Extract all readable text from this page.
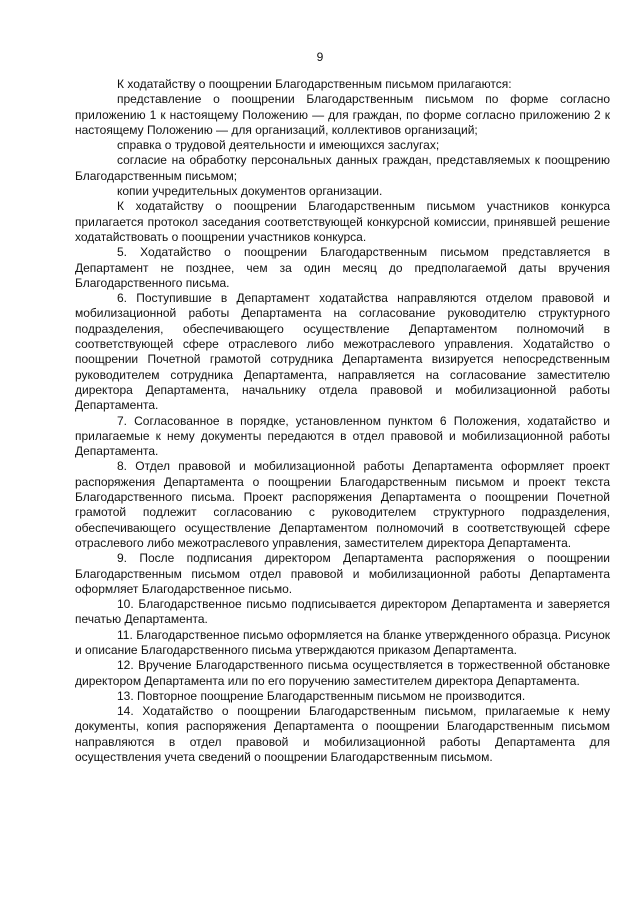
9

К ходатайству о поощрении Благодарственным письмом прилагаются:

представление о поощрении Благодарственным письмом по форме согласно приложению 1 к настоящему Положению — для граждан, по форме согласно приложению 2 к настоящему Положению — для организаций, коллективов организаций;

справка о трудовой деятельности и имеющихся заслугах;

согласие на обработку персональных данных граждан, представляемых к поощрению Благодарственным письмом;

копии учредительных документов организации.

К ходатайству о поощрении Благодарственным письмом участников конкурса прилагается протокол заседания соответствующей конкурсной комиссии, принявшей решение ходатайствовать о поощрении участников конкурса.

5. Ходатайство о поощрении Благодарственным письмом представляется в Департамент не позднее, чем за один месяц до предполагаемой даты вручения Благодарственного письма.

6. Поступившие в Департамент ходатайства направляются отделом правовой и мобилизационной работы Департамента на согласование руководителю структурного подразделения, обеспечивающего осуществление Департаментом полномочий в соответствующей сфере отраслевого либо межотраслевого управления. Ходатайство о поощрении Почетной грамотой сотрудника Департамента визируется непосредственным руководителем сотрудника Департамента, направляется на согласование заместителю директора Департамента, начальнику отдела правовой и мобилизационной работы Департамента.

7. Согласованное в порядке, установленном пунктом 6 Положения, ходатайство и прилагаемые к нему документы передаются в отдел правовой и мобилизационной работы Департамента.

8. Отдел правовой и мобилизационной работы Департамента оформляет проект распоряжения Департамента о поощрении Благодарственным письмом и проект текста Благодарственного письма. Проект распоряжения Департамента о поощрении Почетной грамотой подлежит согласованию с руководителем структурного подразделения, обеспечивающего осуществление Департаментом полномочий в соответствующей сфере отраслевого либо межотраслевого управления, заместителем директора Департамента.

9. После подписания директором Департамента распоряжения о поощрении Благодарственным письмом отдел правовой и мобилизационной работы Департамента оформляет Благодарственное письмо.

10. Благодарственное письмо подписывается директором Департамента и заверяется печатью Департамента.

11. Благодарственное письмо оформляется на бланке утвержденного образца. Рисунок и описание Благодарственного письма утверждаются приказом Департамента.

12. Вручение Благодарственного письма осуществляется в торжественной обстановке директором Департамента или по его поручению заместителем директора Департамента.

13. Повторное поощрение Благодарственным письмом не производится.

14. Ходатайство о поощрении Благодарственным письмом, прилагаемые к нему документы, копия распоряжения Департамента о поощрении Благодарственным письмом направляются в отдел правовой и мобилизационной работы Департамента для осуществления учета сведений о поощрении Благодарственным письмом.
